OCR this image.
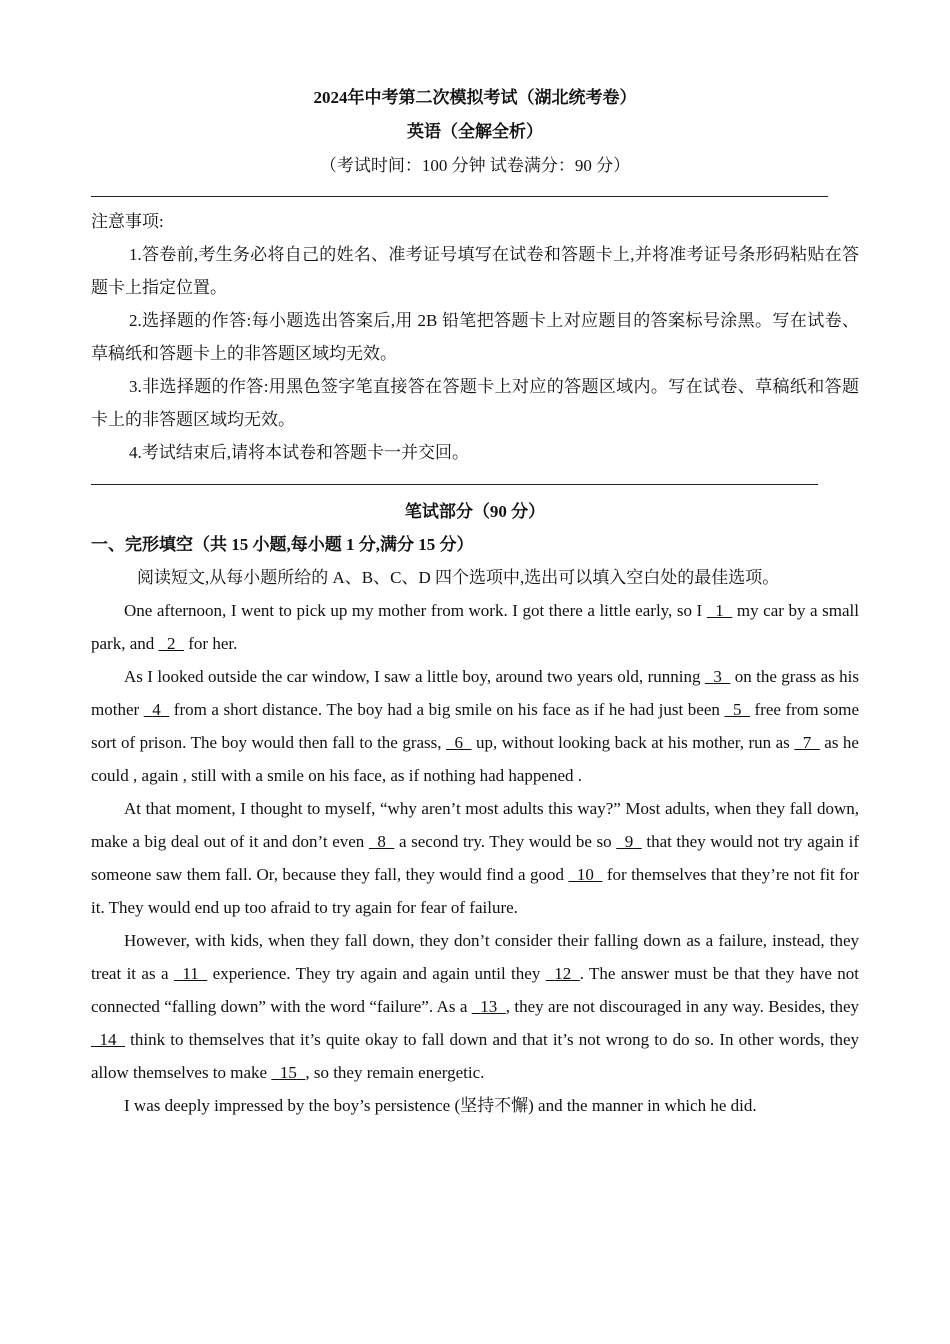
2024年中考第二次模拟考试（湖北统考卷）
英语（全解全析）
（考试时间：100 分钟 试卷满分：90 分）
注意事项:

1.答卷前,考生务必将自己的姓名、准考证号填写在试卷和答题卡上,并将准考证号条形码粘贴在答题卡上指定位置。

2.选择题的作答:每小题选出答案后,用 2B 铅笔把答题卡上对应题目的答案标号涂黑。写在试卷、草稿纸和答题卡上的非答题区域均无效。

3.非选择题的作答:用黑色签字笔直接答在答题卡上对应的答题区域内。写在试卷、草稿纸和答题卡上的非答题区域均无效。

4.考试结束后,请将本试卷和答题卡一并交回。

笔试部分（90 分）
一、完形填空（共 15 小题,每小题 1 分,满分 15 分）
阅读短文,从每小题所给的 A、B、C、D 四个选项中,选出可以填入空白处的最佳选项。

One afternoon, I went to pick up my mother from work. I got there a little early, so I 1 my car by a small park, and 2 for her.

As I looked outside the car window, I saw a little boy, around two years old, running 3 on the grass as his mother 4 from a short distance. The boy had a big smile on his face as if he had just been 5 free from some sort of prison. The boy would then fall to the grass, 6 up, without looking back at his mother, run as 7 as he could , again , still with a smile on his face, as if nothing had happened .

At that moment, I thought to myself, “why aren’t most adults this way?” Most adults, when they fall down, make a big deal out of it and don’t even 8 a second try. They would be so 9 that they would not try again if someone saw them fall. Or, because they fall, they would find a good 10 for themselves that they’re not fit for it. They would end up too afraid to try again for fear of failure.

However, with kids, when they fall down, they don’t consider their falling down as a failure, instead, they treat it as a 11 experience. They try again and again until they 12 . The answer must be that they have not connected “falling down” with the word “failure”. As a 13 , they are not discouraged in any way. Besides, they 14 think to themselves that it’s quite okay to fall down and that it’s not wrong to do so. In other words, they allow themselves to make 15 , so they remain energetic.

I was deeply impressed by the boy’s persistence (坚持不懈) and the manner in which he did.
